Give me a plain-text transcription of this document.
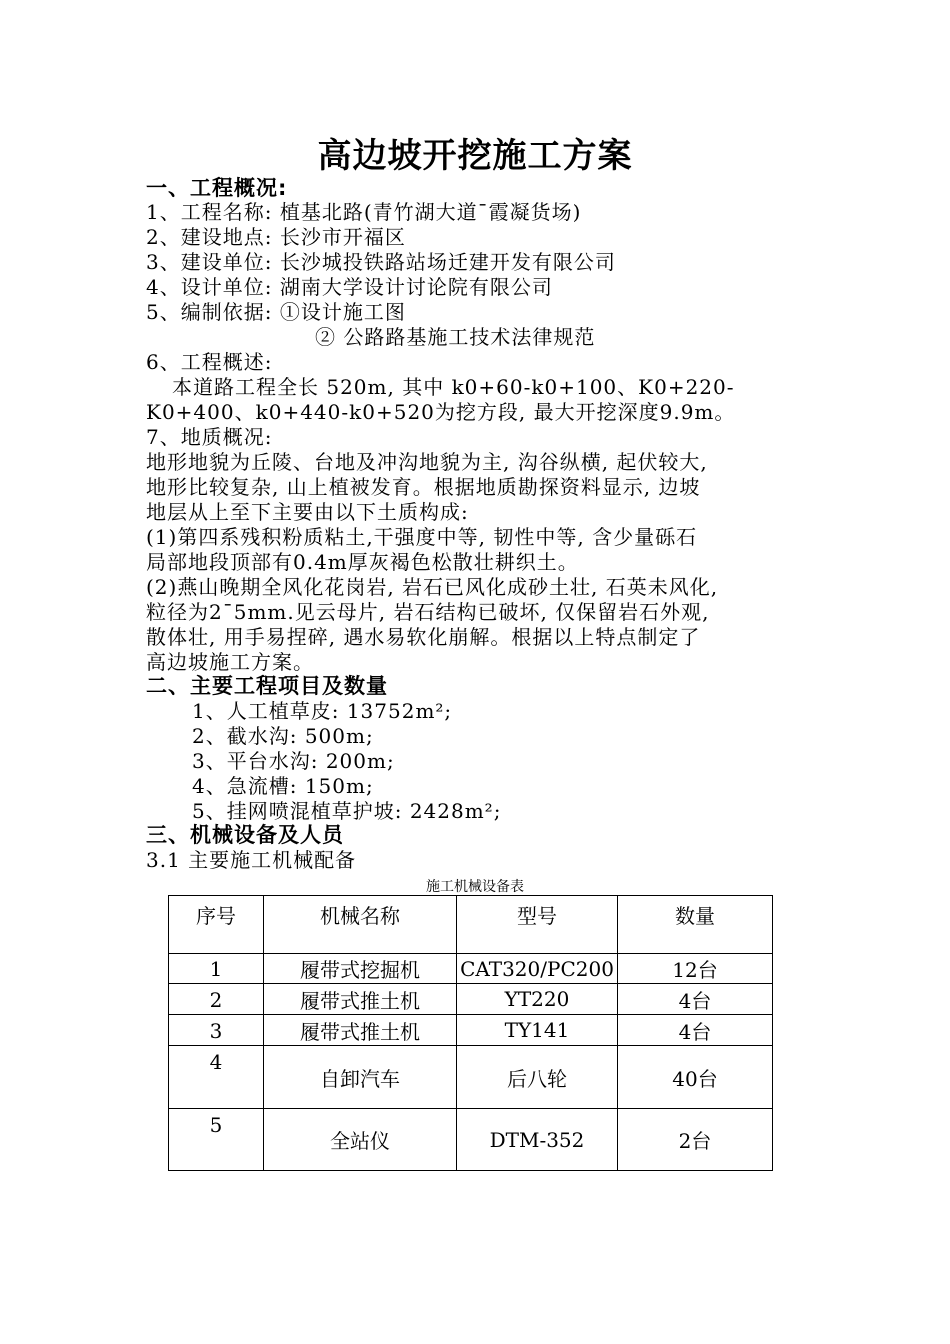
高边坡开挖施工方案
一、工程概况:
1、工程名称: 植基北路(青竹湖大道¯霞凝货场)
2、建设地点: 长沙市开福区
3、建设单位: 长沙城投铁路站场迁建开发有限公司
4、设计单位: 湖南大学设计讨论院有限公司
5、编制依据: ①设计施工图
② 公路路基施工技术法律规范
6、工程概述:
本道路工程全长 520m, 其中 k0+60-k0+100、K0+220-
K0+400、k0+440-k0+520为挖方段, 最大开挖深度9.9m。
7、地质概况:
地形地貌为丘陵、台地及冲沟地貌为主, 沟谷纵横, 起伏较大,
地形比较复杂, 山上植被发育。根据地质勘探资料显示, 边坡
地层从上至下主要由以下土质构成:
(1)第四系残积粉质粘土,干强度中等, 韧性中等, 含少量砾石
局部地段顶部有0.4m厚灰褐色松散壮耕织土。
(2)燕山晚期全风化花岗岩, 岩石已风化成砂土壮, 石英未风化,
粒径为2¯5mm.见云母片, 岩石结构已破坏, 仅保留岩石外观,
散体壮, 用手易捏碎, 遇水易软化崩解。根据以上特点制定了
高边坡施工方案。
二、主要工程项目及数量
1、人工植草皮: 13752m²;
2、截水沟: 500m;
3、平台水沟: 200m;
4、急流槽: 150m;
5、挂网喷混植草护坡: 2428m²;
三、机械设备及人员
3.1 主要施工机械配备
施工机械设备表
序号	机械名称	型号	数量
1	履带式挖掘机	CAT320/PC200	12台
2	履带式推土机	YT220	4台
3	履带式推土机	TY141	4台
4	自卸汽车	后八轮	40台
5	全站仪	DTM-352	2台
